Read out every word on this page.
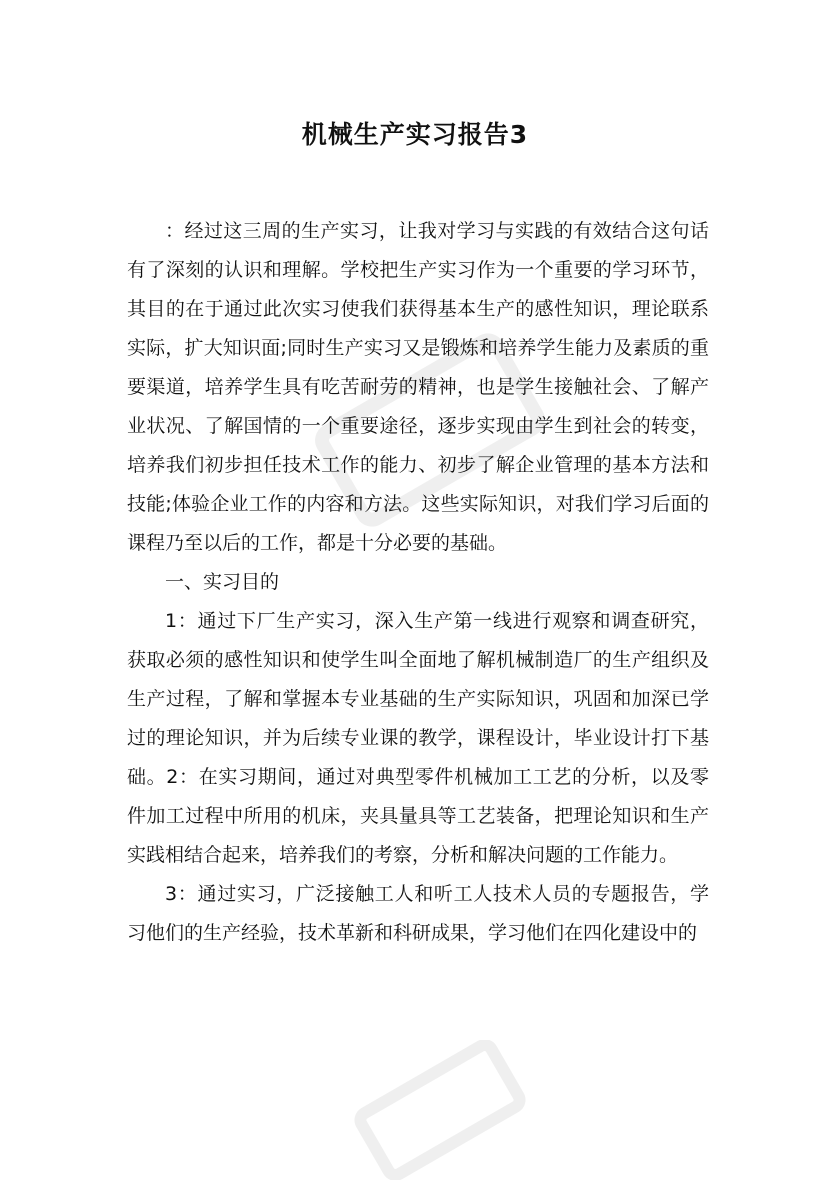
机械生产实习报告3

：经过这三周的生产实习，让我对学习与实践的有效结合这句话有了深刻的认识和理解。学校把生产实习作为一个重要的学习环节，其目的在于通过此次实习使我们获得基本生产的感性知识，理论联系实际，扩大知识面;同时生产实习又是锻炼和培养学生能力及素质的重要渠道，培养学生具有吃苦耐劳的精神，也是学生接触社会、了解产业状况、了解国情的一个重要途径，逐步实现由学生到社会的转变，培养我们初步担任技术工作的能力、初步了解企业管理的基本方法和技能;体验企业工作的内容和方法。这些实际知识，对我们学习后面的课程乃至以后的工作，都是十分必要的基础。

一、实习目的

1：通过下厂生产实习，深入生产第一线进行观察和调查研究，获取必须的感性知识和使学生叫全面地了解机械制造厂的生产组织及生产过程，了解和掌握本专业基础的生产实际知识，巩固和加深已学过的理论知识，并为后续专业课的教学，课程设计，毕业设计打下基础。2：在实习期间，通过对典型零件机械加工工艺的分析，以及零件加工过程中所用的机床，夹具量具等工艺装备，把理论知识和生产实践相结合起来，培养我们的考察，分析和解决问题的工作能力。

3：通过实习，广泛接触工人和听工人技术人员的专题报告，学习他们的生产经验，技术革新和科研成果，学习他们在四化建设中的
